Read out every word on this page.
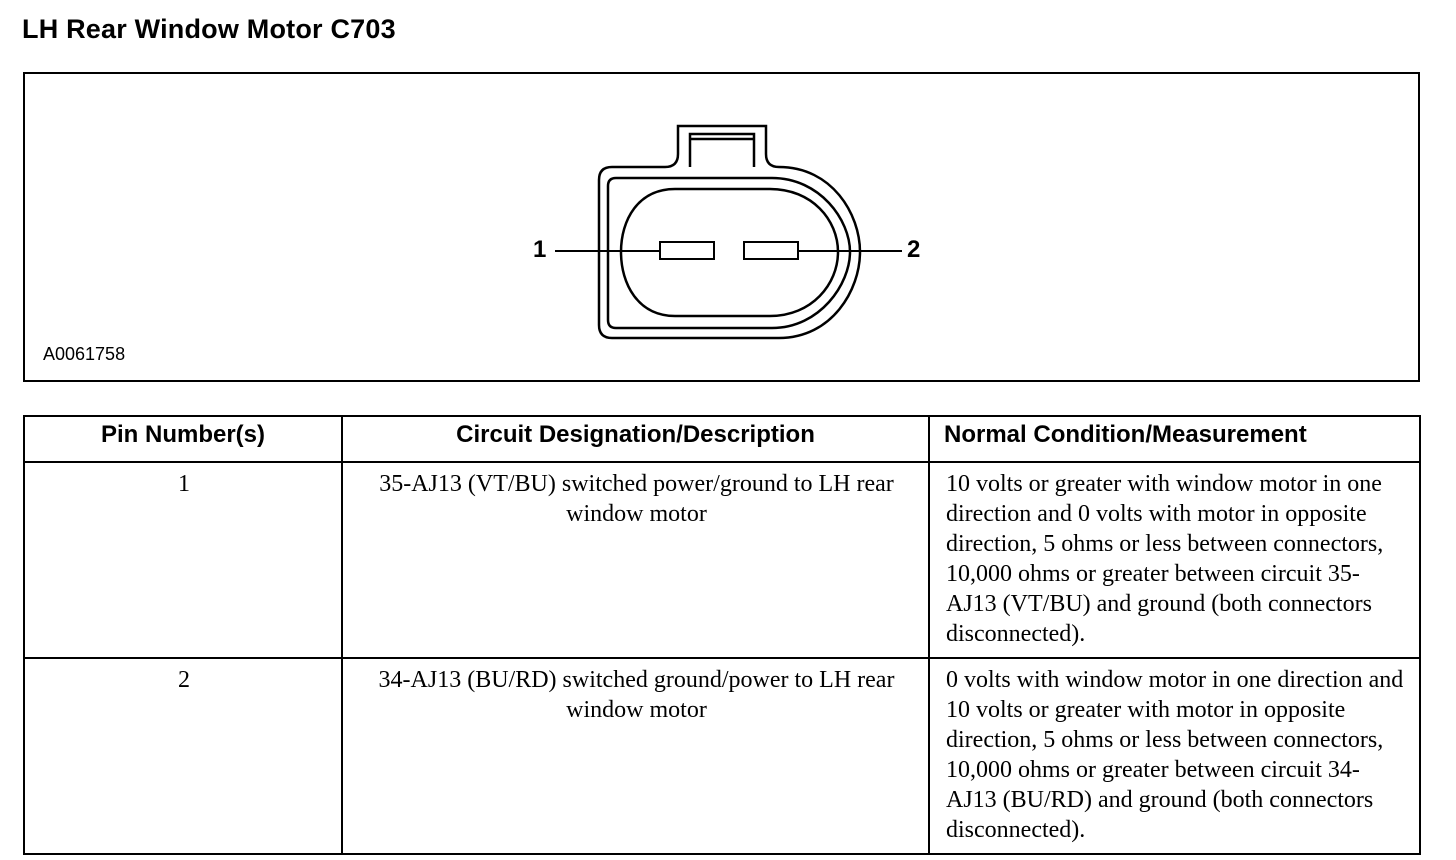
LH Rear Window Motor C703
1	2
A0061758
Pin Number(s)	Circuit Designation/Description	Normal Condition/Measurement
1	35-AJ13 (VT/BU) switched power/ground to LH rear window motor	10 volts or greater with window motor in one direction and 0 volts with motor in opposite direction, 5 ohms or less between connectors, 10,000 ohms or greater between circuit 35-AJ13 (VT/BU) and ground (both connectors disconnected).
2	34-AJ13 (BU/RD) switched ground/power to LH rear window motor	0 volts with window motor in one direction and 10 volts or greater with motor in opposite direction, 5 ohms or less between connectors, 10,000 ohms or greater between circuit 34-AJ13 (BU/RD) and ground (both connectors disconnected).
